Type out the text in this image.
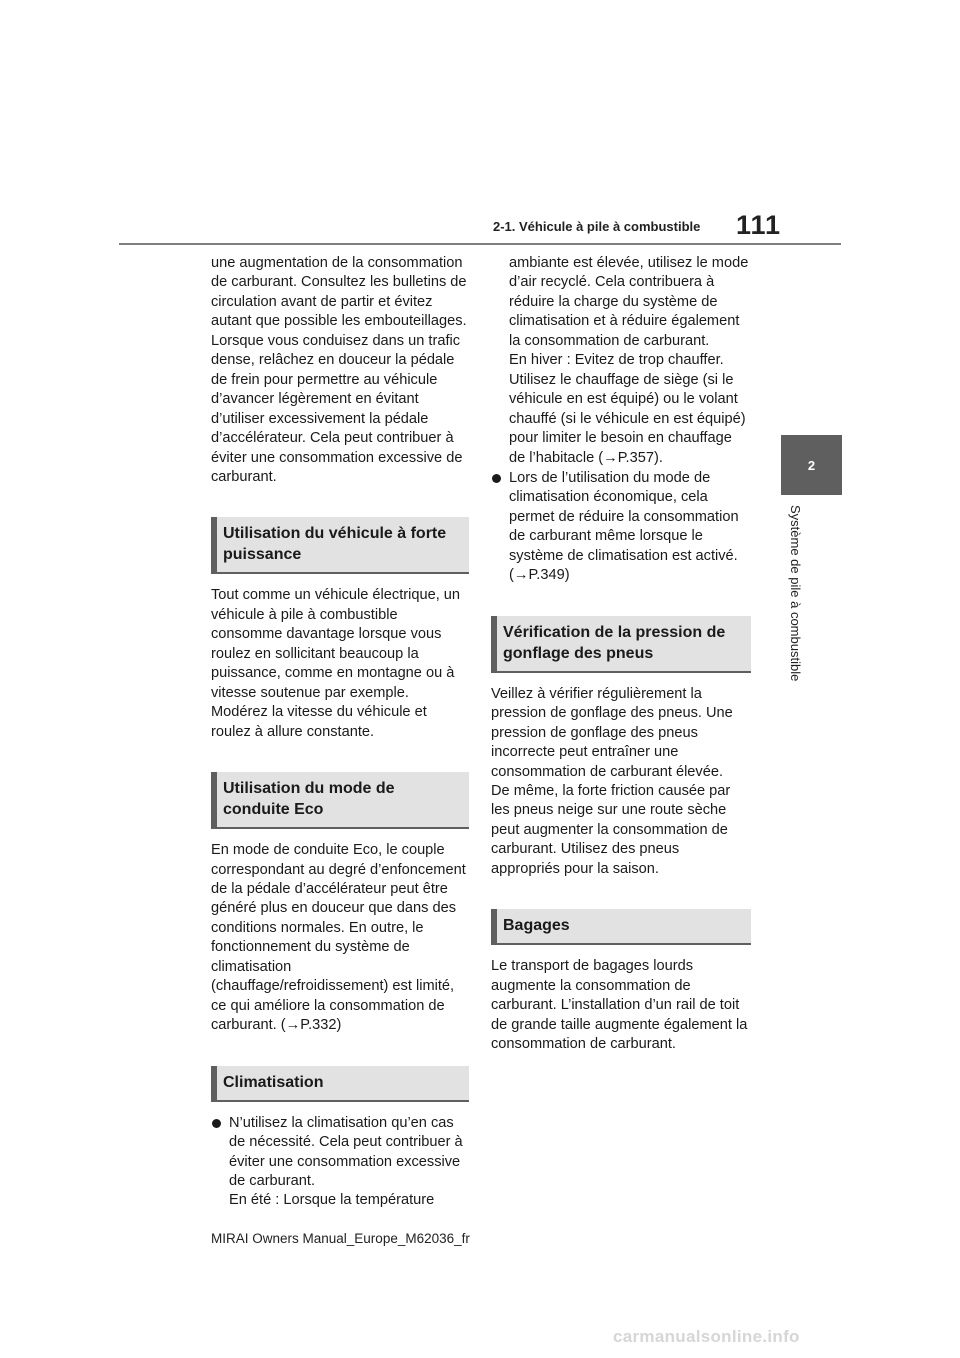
2-1. Véhicule à pile à combustible 111
2
Système de pile à combustible

une augmentation de la consommation de carburant. Consultez les bulletins de circulation avant de partir et évitez autant que possible les embouteillages. Lorsque vous conduisez dans un trafic dense, relâchez en douceur la pédale de frein pour permettre au véhicule d’avancer légèrement en évitant d’utiliser excessivement la pédale d’accélérateur. Cela peut contribuer à éviter une consommation excessive de carburant.

Utilisation du véhicule à forte puissance

Tout comme un véhicule électrique, un véhicule à pile à combustible consomme davantage lorsque vous roulez en sollicitant beaucoup la puissance, comme en montagne ou à vitesse soutenue par exemple. Modérez la vitesse du véhicule et roulez à allure constante.

Utilisation du mode de conduite Eco

En mode de conduite Eco, le couple correspondant au degré d’enfoncement de la pédale d’accélérateur peut être généré plus en douceur que dans des conditions normales. En outre, le fonctionnement du système de climatisation (chauffage/refroidissement) est limité, ce qui améliore la consommation de carburant. (→P.332)

Climatisation
N’utilisez la climatisation qu’en cas de nécessité. Cela peut contribuer à éviter une consommation excessive de carburant.
En été : Lorsque la température
ambiante est élevée, utilisez le mode d’air recyclé. Cela contribuera à réduire la charge du système de climatisation et à réduire également la consommation de carburant.
En hiver : Evitez de trop chauffer. Utilisez le chauffage de siège (si le véhicule en est équipé) ou le volant chauffé (si le véhicule en est équipé) pour limiter le besoin en chauffage de l’habitacle (→P.357).
Lors de l’utilisation du mode de climatisation économique, cela permet de réduire la consommation de carburant même lorsque le système de climatisation est activé. (→P.349)
Vérification de la pression de gonflage des pneus

Veillez à vérifier régulièrement la pression de gonflage des pneus. Une pression de gonflage des pneus incorrecte peut entraîner une consommation de carburant élevée.
De même, la forte friction causée par les pneus neige sur une route sèche peut augmenter la consommation de carburant. Utilisez des pneus appropriés pour la saison.

Bagages

Le transport de bagages lourds augmente la consommation de carburant. L’installation d’un rail de toit de grande taille augmente également la consommation de carburant.

MIRAI Owners Manual_Europe_M62036_fr
carmanualsonline.info
